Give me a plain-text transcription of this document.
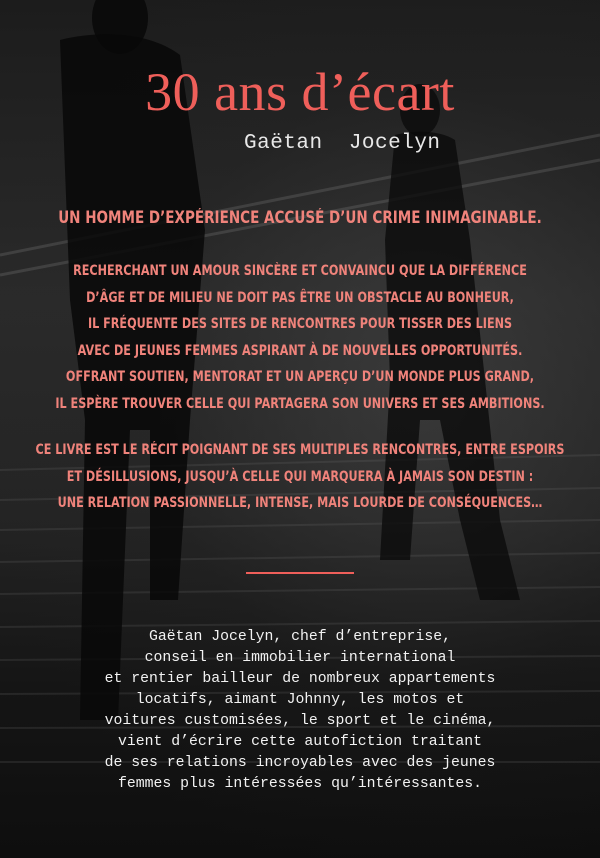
30 ans d’écart
Gaëtan  Jocelyn

UN HOMME D’EXPÉRIENCE ACCUSÉ D’UN CRIME INIMAGINABLE.

RECHERCHANT UN AMOUR SINCÈRE ET CONVAINCU QUE LA DIFFÉRENCE
D’ÂGE ET DE MILIEU NE DOIT PAS ÊTRE UN OBSTACLE AU BONHEUR,
IL FRÉQUENTE DES SITES DE RENCONTRES POUR TISSER DES LIENS
AVEC DE JEUNES FEMMES ASPIRANT À DE NOUVELLES OPPORTUNITÉS.
OFFRANT SOUTIEN, MENTORAT ET UN APERÇU D’UN MONDE PLUS GRAND,
IL ESPÈRE TROUVER CELLE QUI PARTAGERA SON UNIVERS ET SES AMBITIONS.

CE LIVRE EST LE RÉCIT POIGNANT DE SES MULTIPLES RENCONTRES, ENTRE ESPOIRS
ET DÉSILLUSIONS, JUSQU’À CELLE QUI MARQUERA À JAMAIS SON DESTIN :
UNE RELATION PASSIONNELLE, INTENSE, MAIS LOURDE DE CONSÉQUENCES…

Gaëtan Jocelyn, chef d’entreprise,
conseil en immobilier international
et rentier bailleur de nombreux appartements
locatifs, aimant Johnny, les motos et
voitures customisées, le sport et le cinéma,
vient d’écrire cette autofiction traitant
de ses relations incroyables avec des jeunes
femmes plus intéressées qu’intéressantes.
